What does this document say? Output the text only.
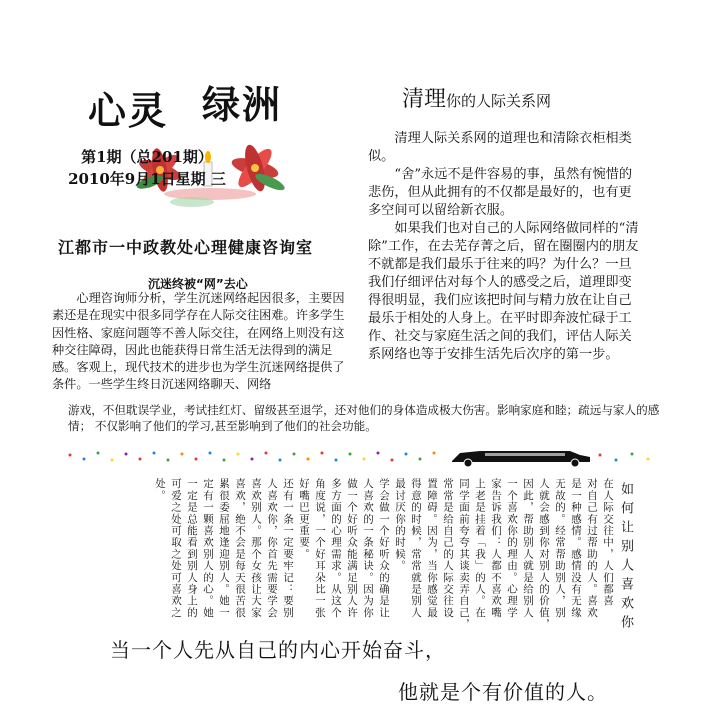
心灵 绿洲
第1期（总201期）
2010年9月1日星期 三
江都市一中政教处心理健康咨询室
沉迷终被“网”去心
心理咨询师分析，学生沉迷网络起因很多，主要因素还是在现实中很多同学存在人际交往困难。许多学生因性格、家庭问题等不善人际交往，在网络上则没有这种交往障碍，因此也能获得日常生活无法得到的满足感。客观上，现代技术的进步也为学生沉迷网络提供了条件。一些学生终日沉迷网络聊天、网络
清理你的人际关系网

清理人际关系网的道理也和清除衣柜相类似。

“舍”永远不是件容易的事，虽然有惋惜的悲伤，但从此拥有的不仅都是最好的，也有更多空间可以留给新衣服。

如果我们也对自己的人际网络做同样的“清除”工作，在去芜存菁之后，留在圈圈内的朋友不就都是我们最乐于往来的吗？为什么？一旦我们仔细评估对每个人的感受之后，道理即变得很明显，我们应该把时间与精力放在让自己最乐于相处的人身上。在平时即奔波忙碌于工作、社交与家庭生活之间的我们，评估人际关系网络也等于安排生活先后次序的第一步。

游戏，不但耽误学业，考试挂红灯、留级甚至退学，还对他们的身体造成极大伤害。影响家庭和睦；疏远与家人的感情； 不仅影响了他们的学习,甚至影响到了他们的社会功能。
如何让别人喜欢你
在人际交往中，人们都喜
对自己有过帮助的人。喜欢
是一种感情。感情没有无缘
无故的。经常帮助别人，别
人就会感到你对别人的价值，
因此，帮助别人就是给别人
一个喜欢你的理由。心理学
家告诉我们：人都不喜欢嘴
上老是挂着「我」的人。在
同学面前夸夸其谈卖弄自己，
常常是给自己的人际交往设
置障碍。因为，当你感觉最
得意的时候，常常就是别人
最讨厌你的时候。
学会做一个好听众的确是让
人喜欢的一条秘诀。因为你
做一个好听众能满足别人许
多方面的心理需求。从这个
角度说，一个好耳朵比一张
好嘴巴更重要。
还有一条一定要牢记：要别
人喜欢你，你首先需要学会
喜欢别人。那个女孩让大家
喜欢，绝不会是每天很苦很
累很委屈地逢迎别人。她一
定有一颗喜欢别人的心。她
一定是总能看到别人身上的
可爱之处可取之处可喜欢之
处。
当一个人先从自己的内心开始奋斗，
他就是个有价值的人。
